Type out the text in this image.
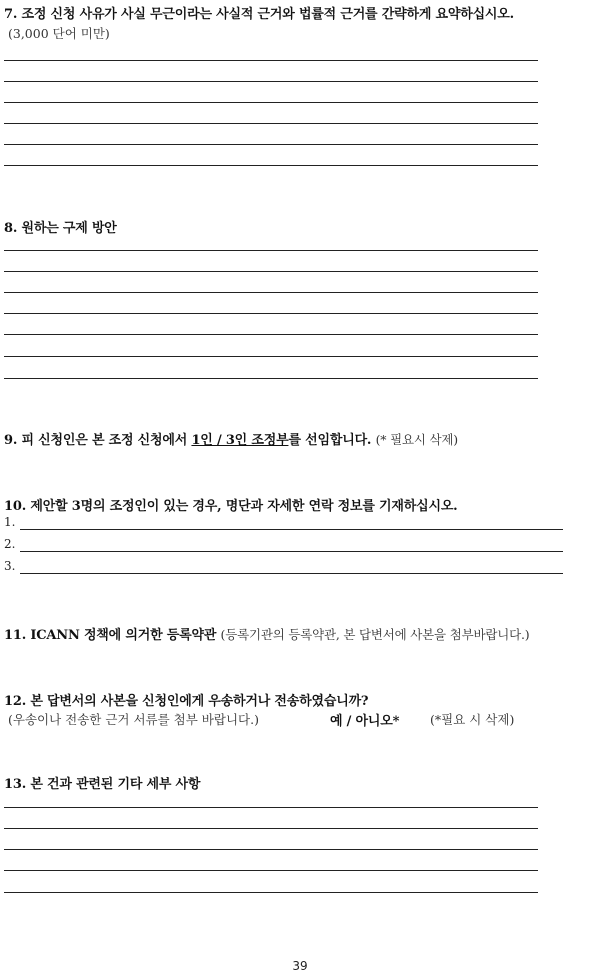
7. 조정 신청 사유가 사실 무근이라는 사실적 근거와 법률적 근거를 간략하게 요약하십시오.
(3,000 단어 미만)
8. 원하는 구제 방안
9. 피 신청인은 본 조정 신청에서 1인 / 3인 조정부를 선임합니다. (* 필요시 삭제)
10. 제안할 3명의 조정인이 있는 경우, 명단과 자세한 연락 정보를 기재하십시오.
1.
2.
3.
11. ICANN 정책에 의거한 등록약관 (등록기관의 등록약관, 본 답변서에 사본을 첨부바랍니다.)
12. 본 답변서의 사본을 신청인에게 우송하거나 전송하였습니까?
(우송이나 전송한 근거 서류를 첨부 바랍니다.)	예 / 아니오* (*필요 시 삭제)
13. 본 건과 관련된 기타 세부 사항
39
